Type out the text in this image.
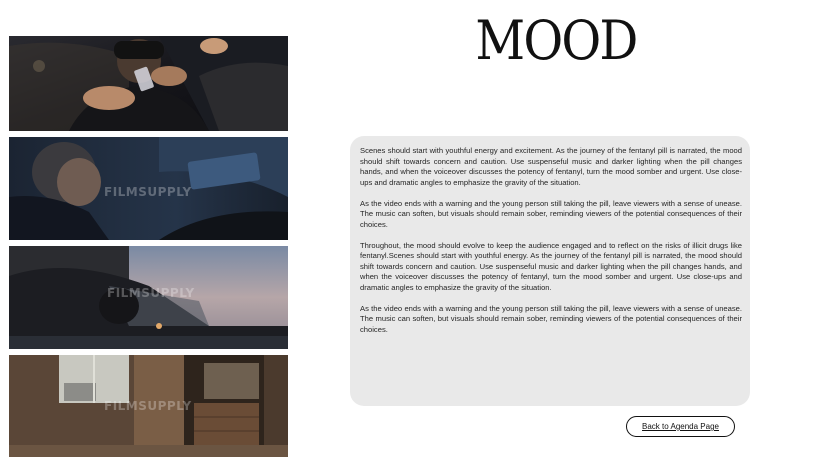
FILMSUPPLY
FILMSUPPLY
FILMSUPPLY
MOOD

Scenes should start with youthful energy and excitement. As the journey of the fentanyl pill is narrated, the mood should shift towards concern and caution. Use suspenseful music and darker lighting when the pill changes hands, and when the voiceover discusses the potency of fentanyl, turn the mood somber and urgent. Use close-ups and dramatic angles to emphasize the gravity of the situation.

As the video ends with a warning and the young person still taking the pill, leave viewers with a sense of unease. The music can soften, but visuals should remain sober, reminding viewers of the potential consequences of their choices.

Throughout, the mood should evolve to keep the audience engaged and to reflect on the risks of illicit drugs like fentanyl.Scenes should start with youthful energy. As the journey of the fentanyl pill is narrated, the mood should shift towards concern and caution. Use suspenseful music and darker lighting when the pill changes hands, and when the voiceover discusses the potency of fentanyl, turn the mood somber and urgent. Use close-ups and dramatic angles to emphasize the gravity of the situation.

As the video ends with a warning and the young person still taking the pill, leave viewers with a sense of unease. The music can soften, but visuals should remain sober, reminding viewers of the potential consequences of their choices.

Back to Agenda Page
